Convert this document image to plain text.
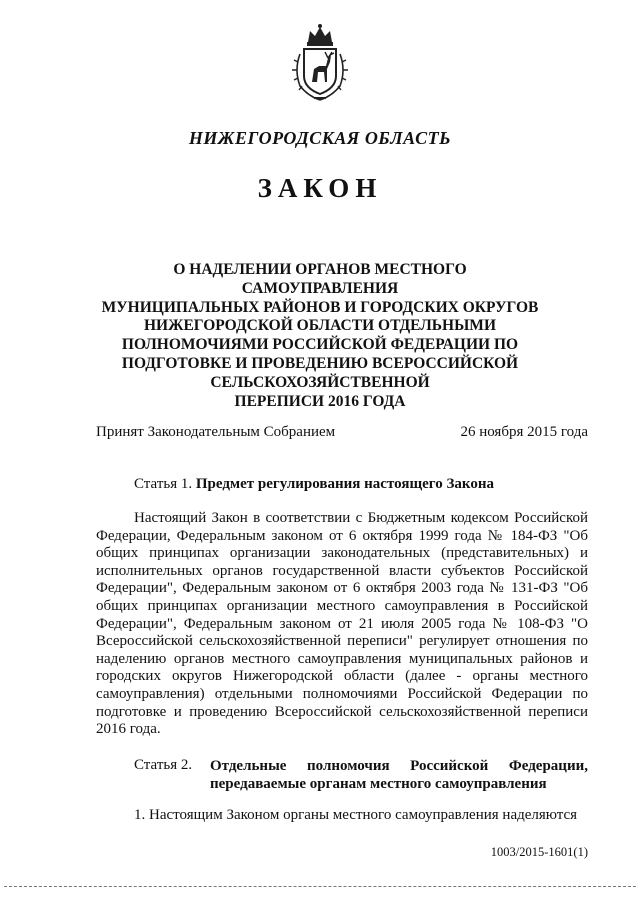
НИЖЕГОРОДСКАЯ ОБЛАСТЬ
ЗАКОН
О НАДЕЛЕНИИ ОРГАНОВ МЕСТНОГО САМОУПРАВЛЕНИЯ
МУНИЦИПАЛЬНЫХ РАЙОНОВ И ГОРОДСКИХ ОКРУГОВ
НИЖЕГОРОДСКОЙ ОБЛАСТИ ОТДЕЛЬНЫМИ
ПОЛНОМОЧИЯМИ РОССИЙСКОЙ ФЕДЕРАЦИИ ПО
ПОДГОТОВКЕ И ПРОВЕДЕНИЮ ВСЕРОССИЙСКОЙ
СЕЛЬСКОХОЗЯЙСТВЕННОЙ
ПЕРЕПИСИ 2016 ГОДА
Принят Законодательным Собранием	26 ноября 2015 года
Статья 1. Предмет регулирования настоящего Закона
Настоящий Закон в соответствии с Бюджетным кодексом Российской Федерации, Федеральным законом от 6 октября 1999 года № 184-ФЗ "Об общих принципах организации законодательных (представительных) и исполнительных органов государственной власти субъектов Российской Федерации", Федеральным законом от 6 октября 2003 года № 131-ФЗ "Об общих принципах организации местного самоуправления в Российской Федерации", Федеральным законом от 21 июля 2005 года № 108-ФЗ "О Всероссийской сельскохозяйственной переписи" регулирует отношения по наделению органов местного самоуправления муниципальных районов и городских округов Нижегородской области (далее - органы местного самоуправления) отдельными полномочиями Российской Федерации по подготовке и проведению Всероссийской сельскохозяйственной переписи 2016 года.
Статья 2. Отдельные полномочия Российской Федерации, передаваемые органам местного самоуправления
1. Настоящим Законом органы местного самоуправления наделяются
1003/2015-1601(1)
